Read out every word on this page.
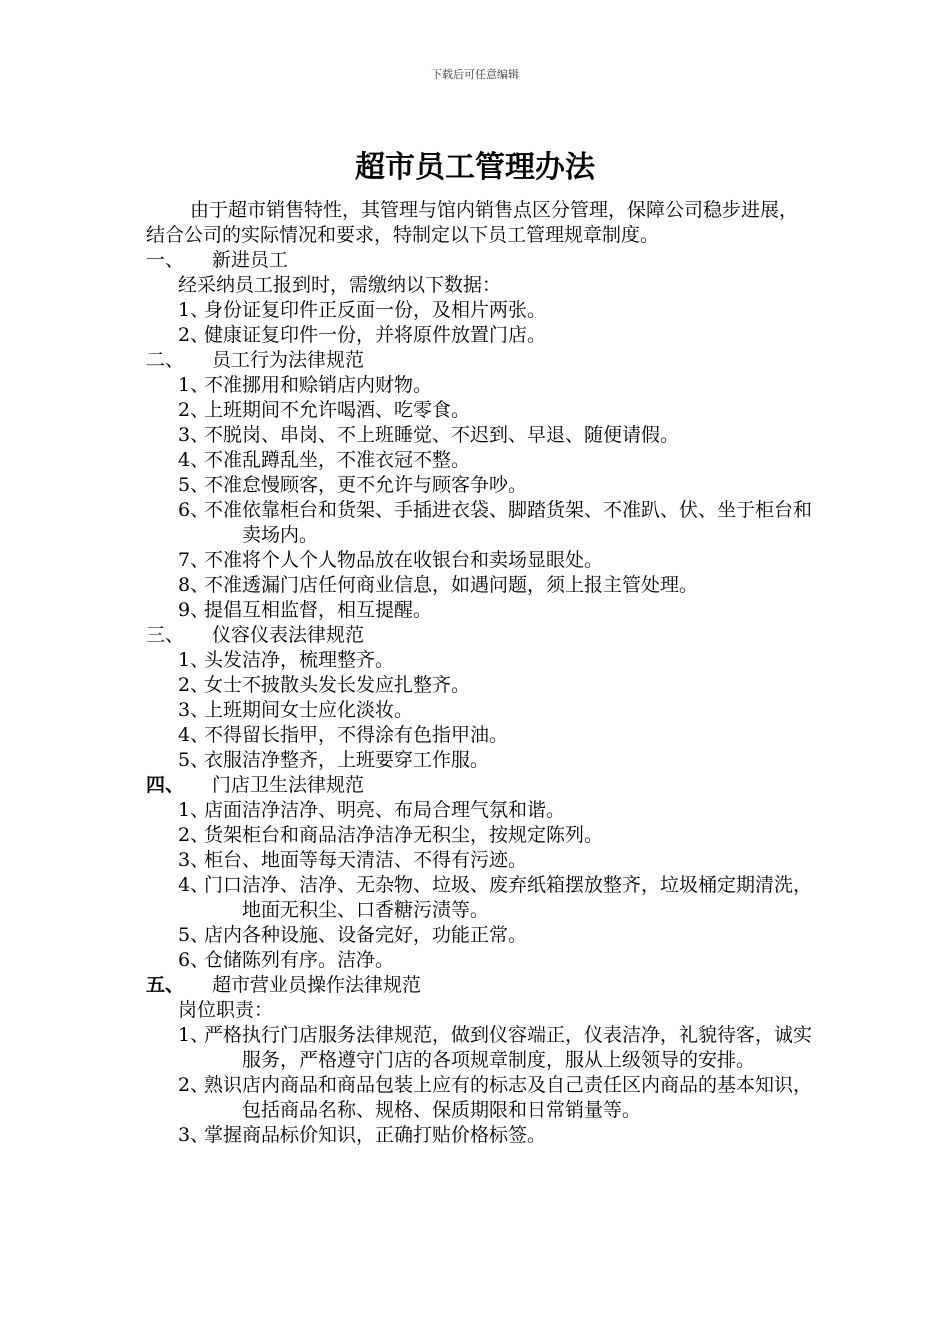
下载后可任意编辑
超市员工管理办法

由于超市销售特性，其管理与馆内销售点区分管理，保障公司稳步进展，结合公司的实际情况和要求，特制定以下员工管理规章制度。

一、	新进员工
经采纳员工报到时，需缴纳以下数据：
1、
身份证复印件正反面一份，及相片两张。
2、
健康证复印件一份，并将原件放置门店。
二、	员工行为法律规范
1、
不准挪用和赊销店内财物。
2、
上班期间不允许喝酒、吃零食。
3、
不脱岗、串岗、不上班睡觉、不迟到、早退、随便请假。
4、
不准乱蹲乱坐，不准衣冠不整。
5、
不准怠慢顾客，更不允许与顾客争吵。
6、
不准依靠柜台和货架、手插进衣袋、脚踏货架、不准趴、伏、坐于柜台和卖场内。
7、
不准将个人个人物品放在收银台和卖场显眼处。
8、
不准透漏门店任何商业信息，如遇问题，须上报主管处理。
9、
提倡互相监督，相互提醒。
三、	仪容仪表法律规范
1、
头发洁净，梳理整齐。
2、
女士不披散头发长发应扎整齐。
3、
上班期间女士应化淡妆。
4、
不得留长指甲，不得涂有色指甲油。
5、
衣服洁净整齐，上班要穿工作服。
四、	门店卫生法律规范
1、
店面洁净洁净、明亮、布局合理气氛和谐。
2、
货架柜台和商品洁净洁净无积尘，按规定陈列。
3、
柜台、地面等每天清洁、不得有污迹。
4、
门口洁净、洁净、无杂物、垃圾、废弃纸箱摆放整齐，垃圾桶定期清洗，地面无积尘、口香糖污渍等。
5、
店内各种设施、设备完好，功能正常。
6、
仓储陈列有序。洁净。
五、	超市营业员操作法律规范
岗位职责：
1、
严格执行门店服务法律规范，做到仪容端正，仪表洁净，礼貌待客，诚实服务，严格遵守门店的各项规章制度，服从上级领导的安排。
2、
熟识店内商品和商品包装上应有的标志及自己责任区内商品的基本知识，包括商品名称、规格、保质期限和日常销量等。
3、
掌握商品标价知识，正确打贴价格标签。
